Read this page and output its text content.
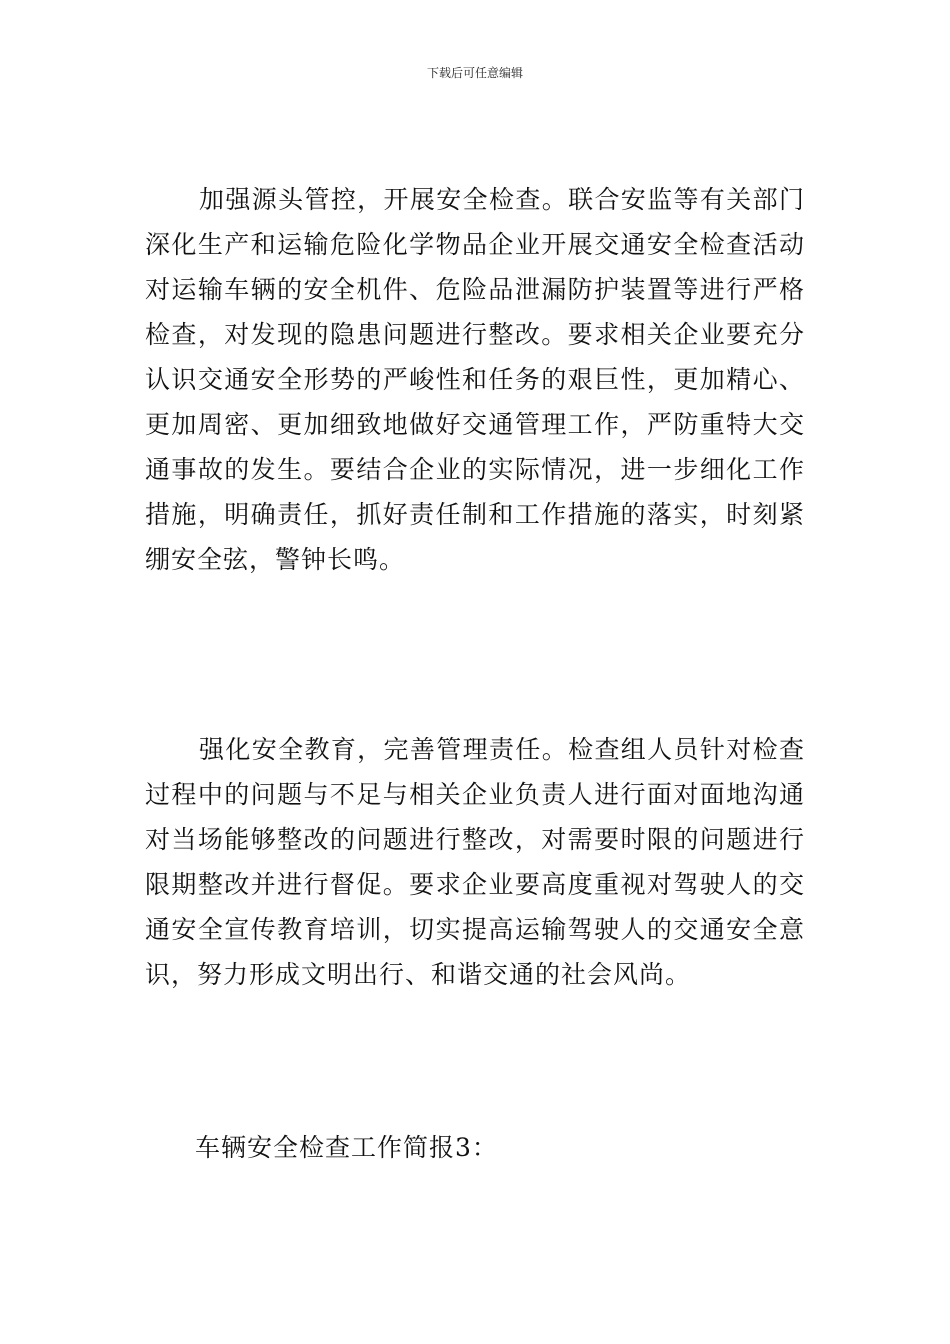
下载后可任意编辑

加强源头管控，开展安全检查。联合安监等有关部门深化生产和运输危险化学物品企业开展交通安全检查活动对运输车辆的安全机件、危险品泄漏防护装置等进行严格检查，对发现的隐患问题进行整改。要求相关企业要充分认识交通安全形势的严峻性和任务的艰巨性，更加精心、更加周密、更加细致地做好交通管理工作，严防重特大交通事故的发生。要结合企业的实际情况，进一步细化工作措施，明确责任，抓好责任制和工作措施的落实，时刻紧绷安全弦，警钟长鸣。

强化安全教育，完善管理责任。检查组人员针对检查过程中的问题与不足与相关企业负责人进行面对面地沟通对当场能够整改的问题进行整改，对需要时限的问题进行限期整改并进行督促。要求企业要高度重视对驾驶人的交通安全宣传教育培训，切实提高运输驾驶人的交通安全意识，努力形成文明出行、和谐交通的社会风尚。

车辆安全检查工作简报3：
